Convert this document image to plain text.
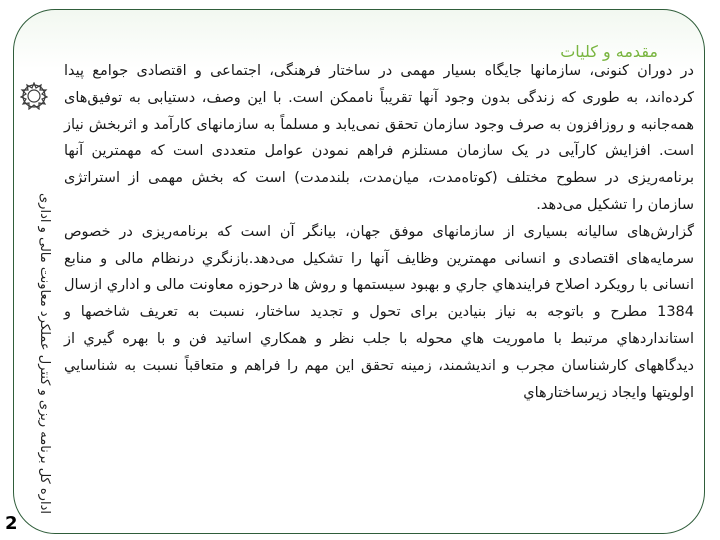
اداره کل برنامه ریزی و کنترل عملکرد معاونت مالی و اداری
مقدمه و كليات

در دوران کنونی، سازمانها جایگاه بسیار مهمی در ساختار فرهنگی، اجتماعی و اقتصادی جوامع پیدا کرده‌اند، به طوری که زندگی بدون وجود آنها تقریباً ناممکن است. با این وصف، دستیابی به توفیق‌های همه‌جانبه و روزافزون به صرف وجود سازمان تحقق نمی‌یابد و مسلماً به سازمانهای کارآمد و اثربخش نیاز است. افزایش کارآیی در یک سازمان مستلزم فراهم نمودن عوامل متعددی است که مهمترین آنها برنامه‌ریزی در سطوح مختلف (کوتاه‌مدت، میان‌مدت، بلندمدت) است که بخش مهمی از استراتژی سازمان را تشکیل می‌دهد.

گزارش‌های سالیانه بسیاری از سازمانهای موفق جهان، بیانگر آن است که برنامه‌ریزی در خصوص سرمایه‌های اقتصادی و انسانی مهمترین وظایف آنها را تشکیل می‌دهد.بازنگري درنظام مالی و منابع انسانی با رویکرد اصلاح فرايندهاي جاري و بهبود سيستمها و روش ها درحوزه معاونت مالی و اداري ازسال 1384 مطرح و باتوجه به نیاز بنیادین برای تحول و تجدید ساختار، نسبت به تعریف شاخصها و استانداردهاي مرتبط با ماموريت هاي محوله با جلب نظر و همكاري اساتيد فن و با بهره گيري از ديدگاههای کارشناسان مجرب و اندیشمند، زمينه تحقق اين مهم را فراهم و متعاقباً نسبت به شناسايي اولويتها وايجاد زيرساختارهاي

2
